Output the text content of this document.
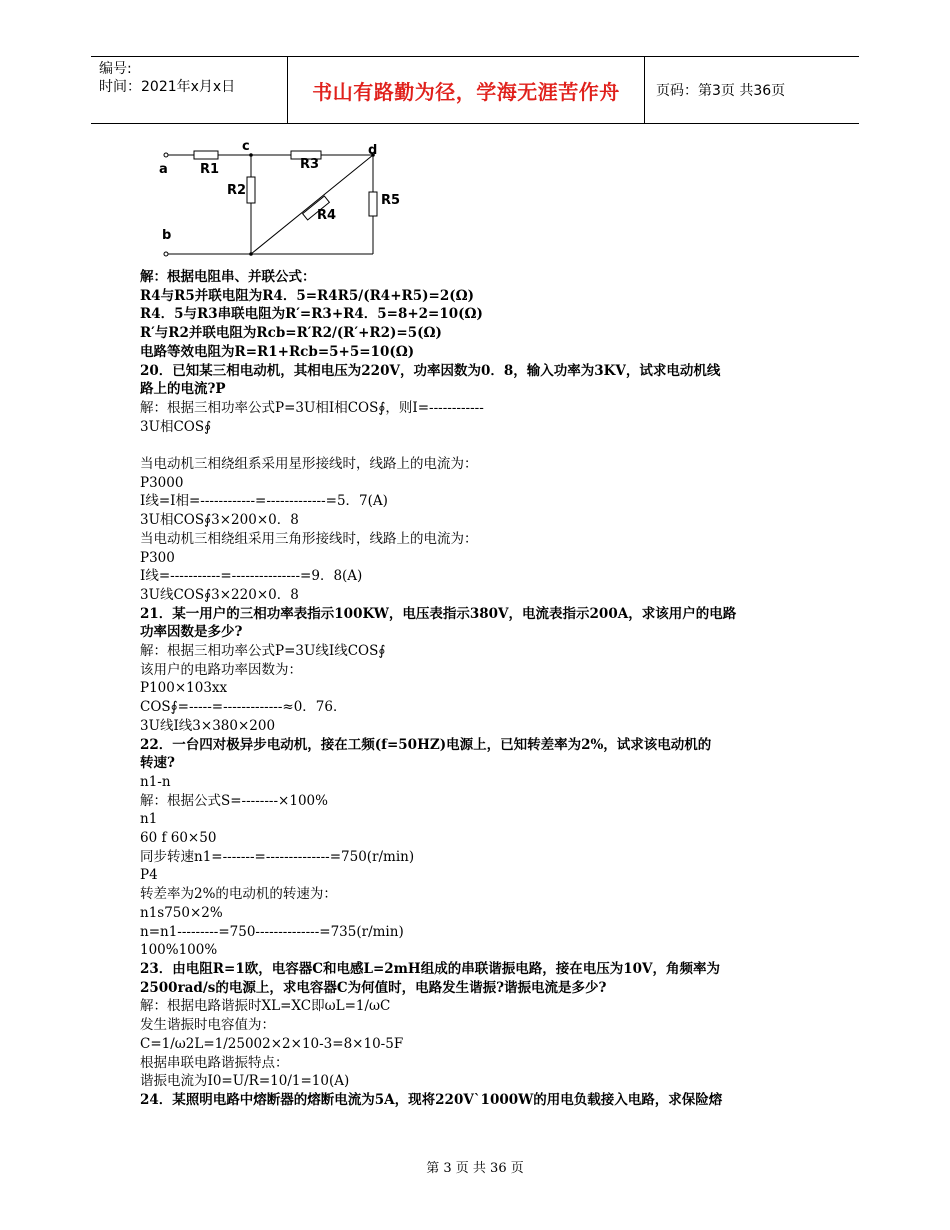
编号:
时间：2021年x月x日	书山有路勤为径，学海无涯苦作舟	页码：第3页 共36页
a
b
c	d
R1
R2
R3
R4
R5

解：根据电阻串、并联公式：

R4与R5并联电阻为R4．5=R4R5/(R4+R5)=2(Ω)

R4．5与R3串联电阻为R′=R3+R4．5=8+2=10(Ω)

R′与R2并联电阻为Rcb=R′R2/(R′+R2)=5(Ω)

电路等效电阻为R=R1+Rcb=5+5=10(Ω)

20．已知某三相电动机，其相电压为220V，功率因数为0．8，输入功率为3KV，试求电动机线

路上的电流?P

解：根据三相功率公式P=3U相I相COS∮，则I=------------

3U相COS∮

当电动机三相绕组系采用星形接线时，线路上的电流为：

P3000

I线=I相=------------=-------------=5．7(A)

3U相COS∮3×200×0．8

当电动机三相绕组采用三角形接线时，线路上的电流为：

P300

I线=-----------=---------------=9．8(A)

3U线COS∮3×220×0．8

21．某一用户的三相功率表指示100KW，电压表指示380V，电流表指示200A，求该用户的电路

功率因数是多少?

解：根据三相功率公式P=3U线I线COS∮

该用户的电路功率因数为：

P100×103xx

COS∮=-----=-------------≈0．76．

3U线I线3×380×200

22．一台四对极异步电动机，接在工频(f=50HZ)电源上，已知转差率为2%，试求该电动机的

转速?

n1-n

解：根据公式S=--------×100%

n1

60 f 60×50

同步转速n1=-------=--------------=750(r/min)

P4

转差率为2%的电动机的转速为：

n1s750×2%

n=n1---------=750--------------=735(r/min)

100%100%

23．由电阻R=1欧，电容器C和电感L=2mH组成的串联谐振电路，接在电压为10V，角频率为

2500rad/s的电源上，求电容器C为何值时，电路发生谐振?谐振电流是多少?

解：根据电路谐振时XL=XC即ωL=1/ωC

发生谐振时电容值为：

C=1/ω2L=1/25002×2×10-3=8×10-5F

根据串联电路谐振特点：

谐振电流为I0=U/R=10/1=10(A)

24．某照明电路中熔断器的熔断电流为5A，现将220V`1000W的用电负载接入电路，求保险熔

第 3 页 共 36 页
